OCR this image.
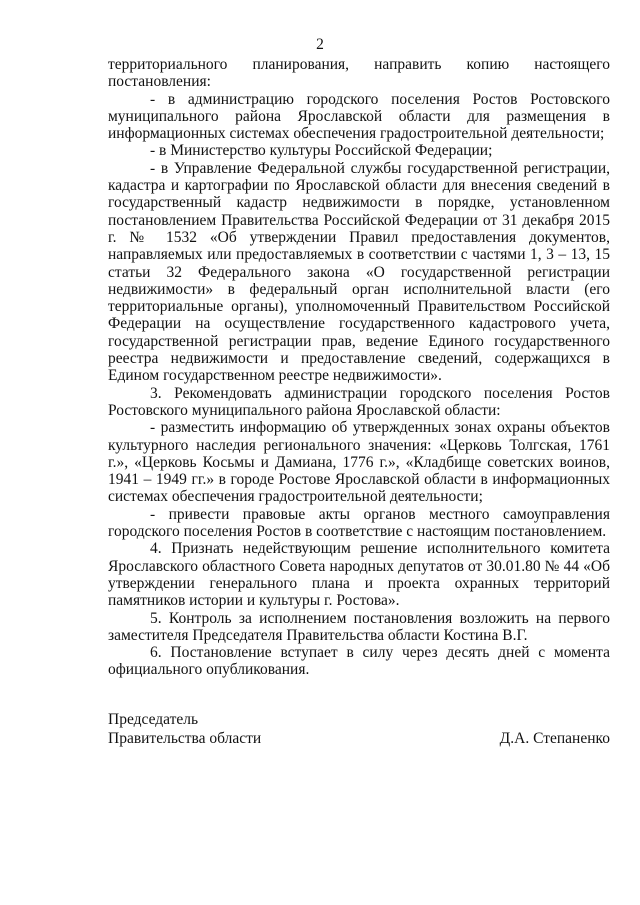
2

территориального планирования, направить копию настоящего постановления:

- в администрацию городского поселения Ростов Ростовского муниципального района Ярославской области для размещения в информационных системах обеспечения градостроительной деятельности;

- в Министерство культуры Российской Федерации;

- в Управление Федеральной службы государственной регистрации, кадастра и картографии по Ярославской области для внесения сведений в государственный кадастр недвижимости в порядке, установленном постановлением Правительства Российской Федерации от 31 декабря 2015 г. № 1532 «Об утверждении Правил предоставления документов, направляемых или предоставляемых в соответствии с частями 1, 3 – 13, 15 статьи 32 Федерального закона «О государственной регистрации недвижимости» в федеральный орган исполнительной власти (его территориальные органы), уполномоченный Правительством Российской Федерации на осуществление государственного кадастрового учета, государственной регистрации прав, ведение Единого государственного реестра недвижимости и предоставление сведений, содержащихся в Едином государственном реестре недвижимости».

3. Рекомендовать администрации городского поселения Ростов Ростовского муниципального района Ярославской области:

- разместить информацию об утвержденных зонах охраны объектов культурного наследия регионального значения: «Церковь Толгская, 1761 г.», «Церковь Косьмы и Дамиана, 1776 г.», «Кладбище советских воинов, 1941 – 1949 гг.» в городе Ростове Ярославской области в информационных системах обеспечения градостроительной деятельности;

- привести правовые акты органов местного самоуправления городского поселения Ростов в соответствие с настоящим постановлением.

4. Признать недействующим решение исполнительного комитета Ярославского областного Совета народных депутатов от 30.01.80 № 44 «Об утверждении генерального плана и проекта охранных территорий памятников истории и культуры г. Ростова».

5. Контроль за исполнением постановления возложить на первого заместителя Председателя Правительства области Костина В.Г.

6. Постановление вступает в силу через десять дней с момента официального опубликования.

Председатель
Правительства области	Д.А. Степаненко
